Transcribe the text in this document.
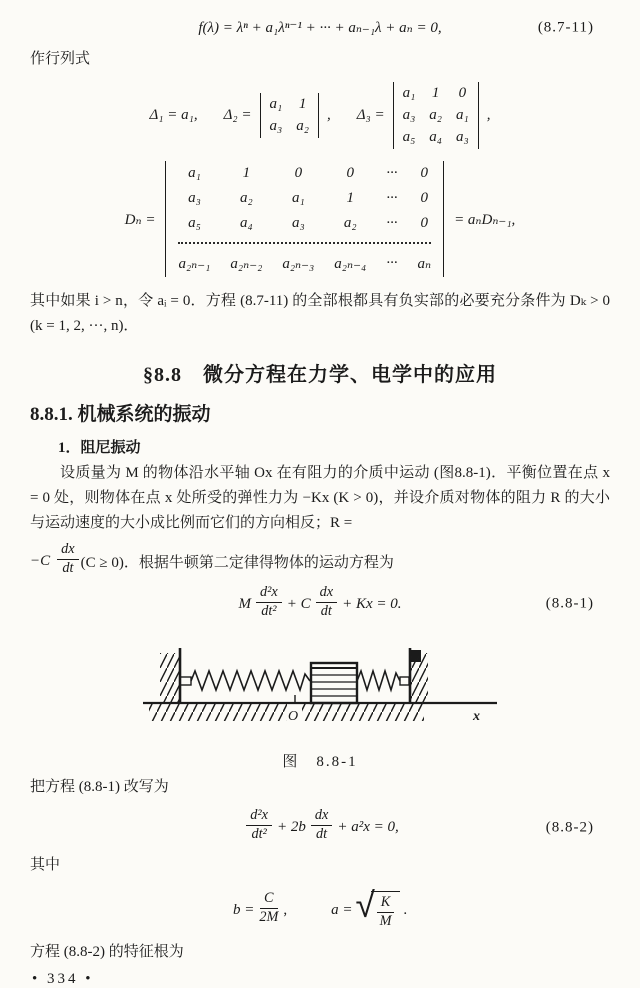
f(λ) = λⁿ + a₁λⁿ⁻¹ + ··· + aₙ₋₁λ + aₙ = 0,	(8.7-11)

作行列式

Δ₁ = a₁, Δ₂ =
a₁ 1
a₃ a₂
, Δ₃ =
a₁ 1 0
a₃ a₂ a₁
a₅ a₄ a₃
,
Dₙ =
a₁	1	0	0	··· 0
a₃	a₂	a₁	1	··· 0
a₅	a₄	a₃	a₂	··· 0
a₂ₙ₋₁ a₂ₙ₋₂ a₂ₙ₋₃ a₂ₙ₋₄ ··· aₙ
= aₙDₙ₋₁,

其中如果 i > n，令 aᵢ = 0．方程 (8.7-11) 的全部根都具有负实部的必要充分条件为 Dₖ > 0 (k = 1, 2, ···, n)．

§8.8　微分方程在力学、电学中的应用
8.8.1. 机械系统的振动
1．阻尼振动

设质量为 M 的物体沿水平轴 Ox 在有阻力的介质中运动 (图8.8-1)．平衡位置在点 x = 0 处，则物体在点 x 处所受的弹性力为 −Kx (K > 0)，并设介质对物体的阻力 R 的大小与运动速度的大小成比例而它们的方向相反；R =

$-C \frac{dx}{dt} (C \ge 0)$．根据牛顿第二定律得物体的运动方程为
M $\frac{\text{d²x}}{\text{dt²}} + C \frac{dx}{dt} + Kx = 0$.	(8.8-1)
O	x
图　8.8-1

把方程 (8.8-1) 改写为

$\frac{\text{d²x}}{\text{dt²}} + 2b \frac{dx}{dt} + a^2x = 0$,	(8.8-2)

其中

$b = \frac{C}{2M}$ ,	a = √ $\frac{K}{M}$ .

方程 (8.8-2) 的特征根为

• 334 •
